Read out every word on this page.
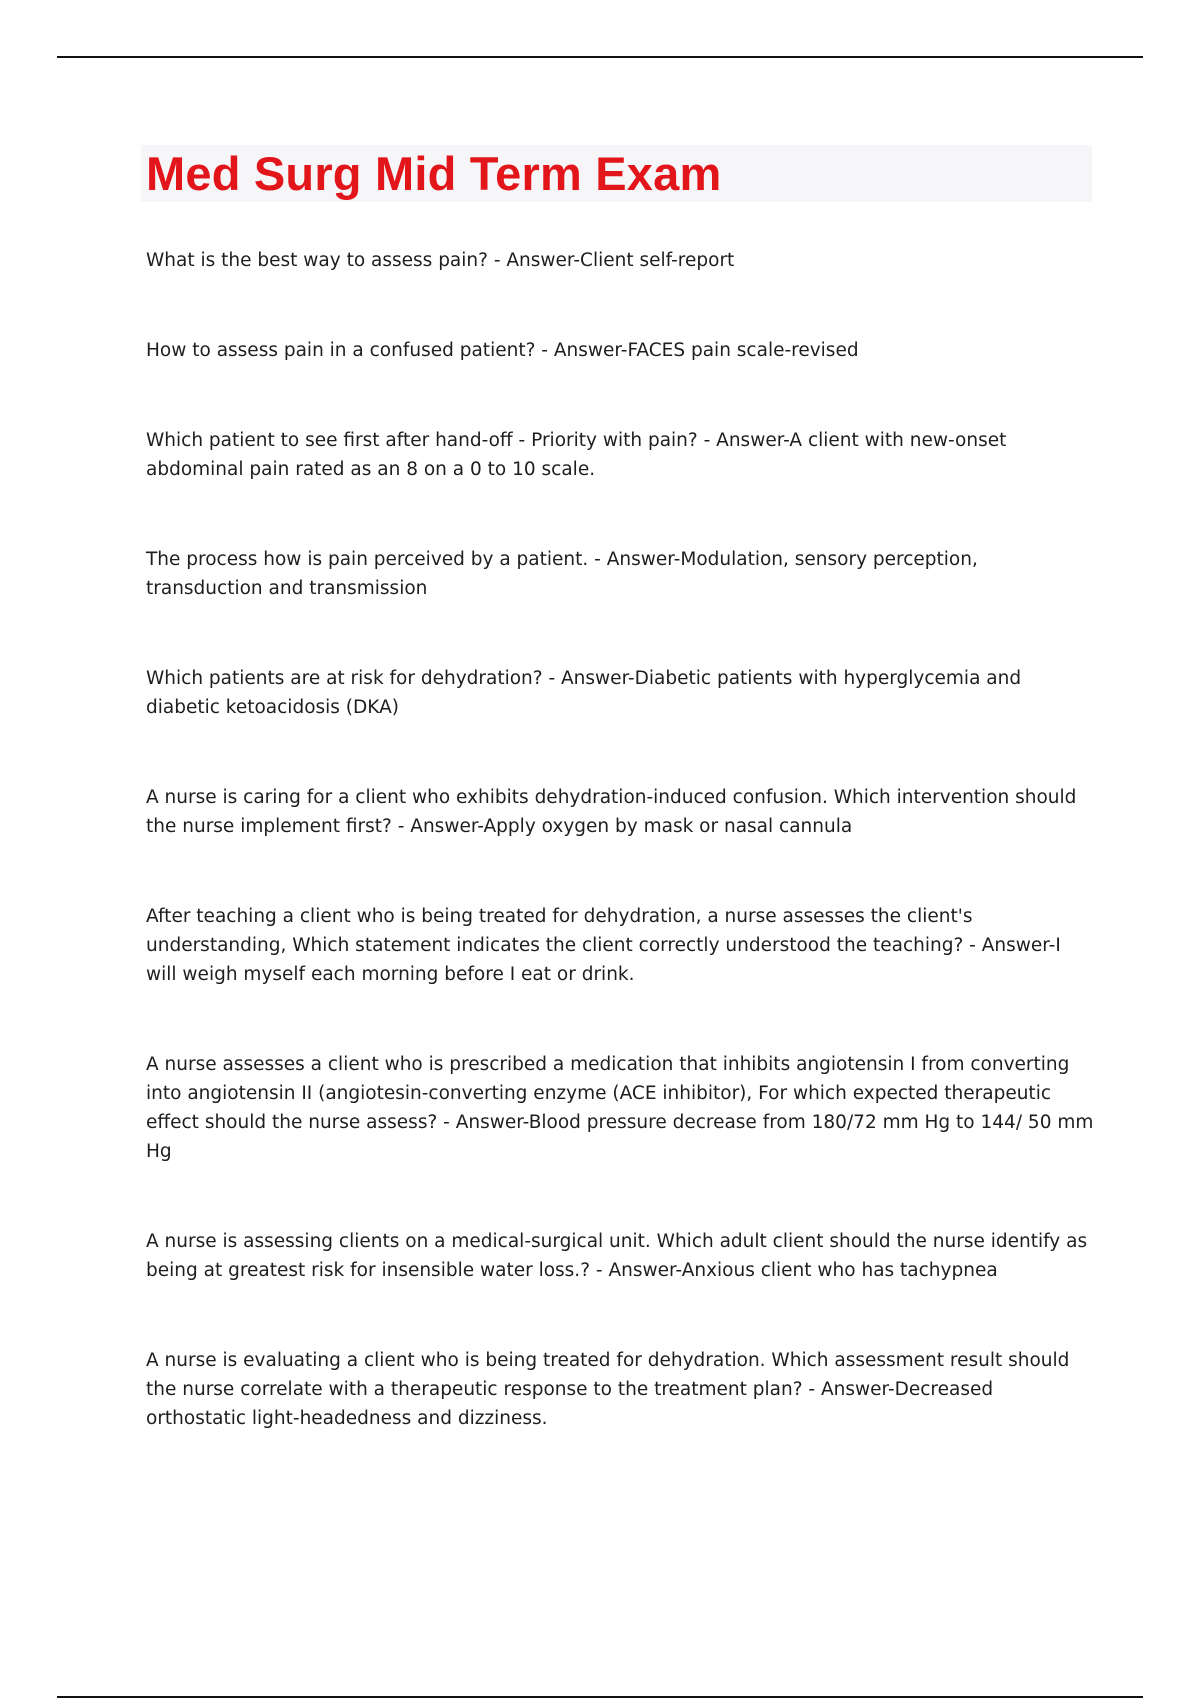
Med Surg Mid Term Exam

What is the best way to assess pain? - Answer-Client self-report

How to assess pain in a confused patient? - Answer-FACES pain scale-revised

Which patient to see first after hand-off - Priority with pain? - Answer-A client with new-onset abdominal pain rated as an 8 on a 0 to 10 scale.

The process how is pain perceived by a patient. - Answer-Modulation, sensory perception, transduction and transmission

Which patients are at risk for dehydration? - Answer-Diabetic patients with hyperglycemia and diabetic ketoacidosis (DKA)

A nurse is caring for a client who exhibits dehydration-induced confusion. Which intervention should the nurse implement first? - Answer-Apply oxygen by mask or nasal cannula

After teaching a client who is being treated for dehydration, a nurse assesses the client's understanding, Which statement indicates the client correctly understood the teaching? - Answer-I will weigh myself each morning before I eat or drink.

A nurse assesses a client who is prescribed a medication that inhibits angiotensin I from converting into angiotensin II (angiotesin-converting enzyme (ACE inhibitor), For which expected therapeutic effect should the nurse assess? - Answer-Blood pressure decrease from 180/72 mm Hg to 144/ 50 mm Hg

A nurse is assessing clients on a medical-surgical unit. Which adult client should the nurse identify as being at greatest risk for insensible water loss.? - Answer-Anxious client who has tachypnea

A nurse is evaluating a client who is being treated for dehydration. Which assessment result should the nurse correlate with a therapeutic response to the treatment plan? - Answer-Decreased orthostatic light-headedness and dizziness.
